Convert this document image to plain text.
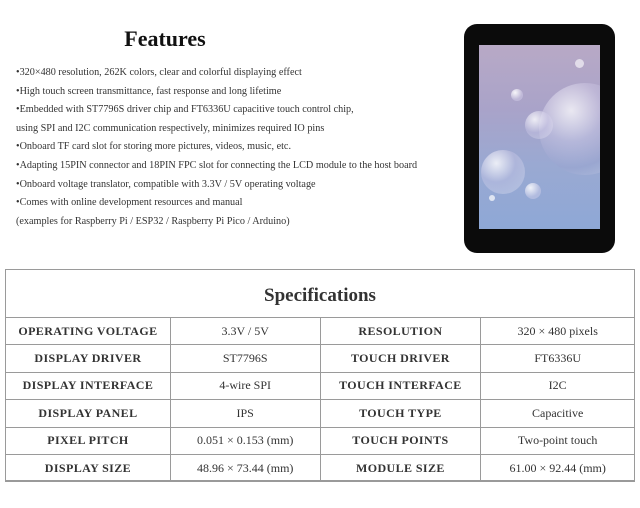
Features
•320×480 resolution, 262K colors, clear and colorful displaying effect
•High touch screen transmittance, fast response and long lifetime
•Embedded with ST7796S driver chip and FT6336U capacitive touch control chip,
using SPI and I2C communication respectively, minimizes required IO pins
•Onboard TF card slot for storing more pictures, videos, music, etc.
•Adapting 15PIN connector and 18PIN FPC slot for connecting the LCD module to the host board
•Onboard voltage translator, compatible with 3.3V / 5V operating voltage
•Comes with online development resources and manual
(examples for Raspberry Pi / ESP32 / Raspberry Pi Pico / Arduino)
Specifications
OPERATING VOLTAGE	3.3V / 5V	RESOLUTION	320 × 480 pixels
DISPLAY DRIVER	ST7796S	TOUCH DRIVER	FT6336U
DISPLAY INTERFACE	4-wire SPI	TOUCH INTERFACE	I2C
DISPLAY PANEL	IPS	TOUCH TYPE	Capacitive
PIXEL PITCH	0.051 × 0.153 (mm)	TOUCH POINTS	Two-point touch
DISPLAY SIZE	48.96 × 73.44 (mm)	MODULE SIZE	61.00 × 92.44 (mm)
